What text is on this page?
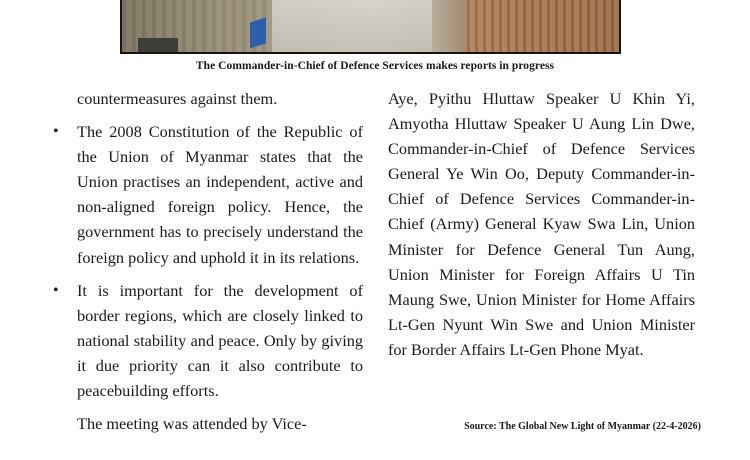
The Commander-in-Chief of Defence Services makes reports in progress

countermeasures against them.

• The 2008 Constitution of the Republic of the Union of Myanmar states that the Union practises an independent, active and non-aligned foreign policy. Hence, the government has to precisely understand the foreign policy and uphold it in its relations.
• It is important for the development of border regions, which are closely linked to national stability and peace. Only by giving it due priority can it also contribute to peacebuilding efforts.

The meeting was attended by Vice-

Aye, Pyithu Hluttaw Speaker U Khin Yi, Amyotha Hluttaw Speaker U Aung Lin Dwe, Commander-in-Chief of Defence Services General Ye Win Oo, Deputy Commander-in-Chief of Defence Services Commander-in-Chief (Army) General Kyaw Swa Lin, Union Minister for Defence General Tun Aung, Union Minister for Foreign Affairs U Tin Maung Swe, Union Minister for Home Affairs Lt-Gen Nyunt Win Swe and Union Minister for Border Affairs Lt-Gen Phone Myat.

Source: The Global New Light of Myanmar (22-4-2026)
